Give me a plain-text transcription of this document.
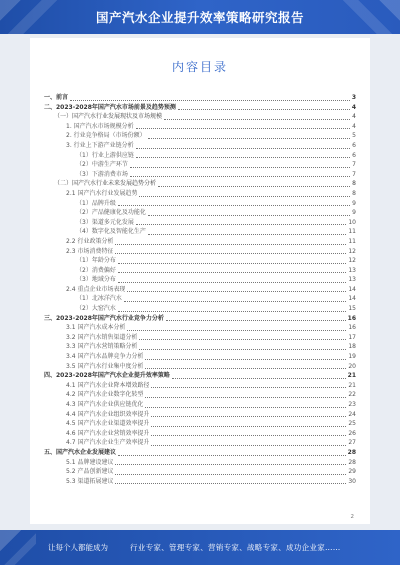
国产汽水企业提升效率策略研究报告
内容目录
一、前言	3
二、2023-2028年国产汽水市场前景及趋势预测	4
（一）国产汽水行业发展现状及市场规模	4
1. 国产汽水市场规模分析	4
2. 行业竞争格局（市场份额）	5
3. 行业上下游产业链分析	6
（1）行业上游供应链	6
（2）中游生产环节	7
（3）下游消费市场	7
（二）国产汽水行业未来发展趋势分析	8
2.1 国产汽水行业发展趋势	8
（1）品牌升级	9
（2）产品健康化及功能化	9
（3）渠道多元化发展	10
（4）数字化及智能化生产	11
2.2 行业政策分析	11
2.3 市场消费特征	12
（1）年龄分布	12
（2）消费偏好	13
（3）地域分布	13
2.4 重点企业市场表现	14
（1）北冰洋汽水	14
（2）大窑汽水	15
三、2023-2028年国产汽水行业竞争力分析	16
3.1 国产汽水成本分析	16
3.2 国产汽水销售渠道分析	17
3.3 国产汽水营销策略分析	18
3.4 国产汽水品牌竞争力分析	19
3.5 国产汽水行业集中度分析	20
四、2023-2028年国产汽水企业提升效率策略	21
4.1 国产汽水企业降本增效路径	21
4.2 国产汽水企业数字化转型	22
4.3 国产汽水企业供应链优化	23
4.4 国产汽水企业组织效率提升	24
4.5 国产汽水企业渠道效率提升	25
4.6 国产汽水企业营销效率提升	26
4.7 国产汽水企业生产效率提升	27
五、国产汽水企业发展建议	28
5.1 品牌建设建议	28
5.2 产品创新建议	29
5.3 渠道拓展建议	30
2
让每个人都能成为	行业专家、管理专家、营销专家、战略专家、成功企业家……
